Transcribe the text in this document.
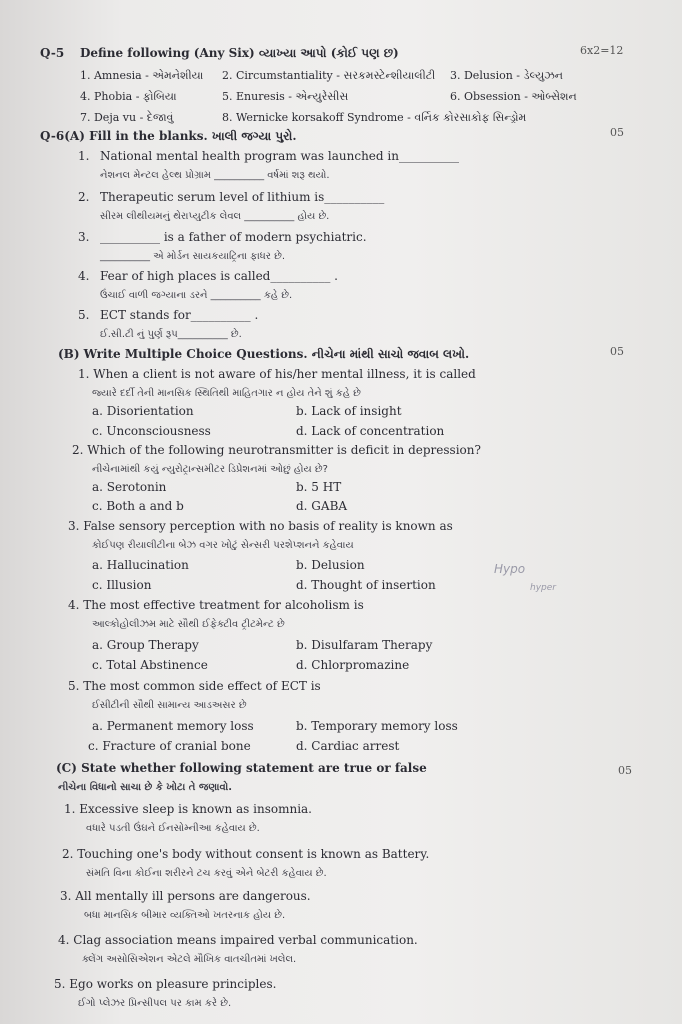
Q-5 Define following (Any Six) વ્યાખ્યા આપો (કોઈ પણ છ)	6x2=12
1. Amnesia - એમનેશીયા 2. Circumstantiality - સરકમસ્ટેન્શીયાલીટી 3. Delusion - ડેલ્યુઝન
4. Phobia - ફોબિયા	5. Enuresis - એન્યુરેસીસ	6. Obsession - ઓબ્સેશન
7. Deja vu - દેજાવું	8. Wernicke korsakoff Syndrome - વર્નિક કોરસાકોફ સિન્ડ્રોમ
Q-6(A) Fill in the blanks. ખાલી જગ્યા પુરો.	05
1. National mental health program was launched in__________
નેશનલ મેન્ટલ હેલ્થ પ્રોગ્રામ __________ વર્ષમાં શરૂ થયો.
2. Therapeutic serum level of lithium is__________
સીરમ લીથીયમનું થેરાપ્યુટીક લેવલ __________ હોય છે.
3. __________ is a father of modern psychiatric.
__________ એ મોર્ડન સાયકયાટ્રિના ફાધર છે.
4. Fear of high places is called__________ .
ઉંચાઈ વાળી જગ્યાના ડરને __________ કહે છે.
5. ECT stands for__________ .
ઈ.સી.ટી નું પુર્ણ રૂપ__________ છે.
(B) Write Multiple Choice Questions. નીચેના માંથી સાચો જવાબ લખો.	05
1. When a client is not aware of his/her mental illness, it is called
જ્યારે દર્દી તેની માનસિક સ્થિતિથી માહિતગાર ન હોય તેને શું કહે છે
a. Disorientation	b. Lack of insight
c. Unconsciousness	d. Lack of concentration
2. Which of the following neurotransmitter is deficit in depression?
નીચેનામાંથી કયું ન્યુરોટ્રાન્સમીટર ડિપ્રેશનમાં ઓછું હોય છે?
a. Serotonin	b. 5 HT
c. Both a and b	d. GABA
3. False sensory perception with no basis of reality is known as
કોઈપણ રીયાલીટીના બેઝ વગર ખોટું સેન્સરી પરશેપ્શનને કહેવાય
a. Hallucination	b. Delusion
c. Illusion	d. Thought of insertion
4. The most effective treatment for alcoholism is
આલ્કોહોલીઝમ માટે સૌથી ઈફેક્ટીવ ટ્રીટમેન્ટ છે
a. Group Therapy	b. Disulfaram Therapy
c. Total Abstinence	d. Chlorpromazine
5. The most common side effect of ECT is
ઈસીટીની સૌથી સામાન્ય આડઅસર છે
a. Permanent memory loss	b. Temporary memory loss
c. Fracture of cranial bone	d. Cardiac arrest
(C) State whether following statement are true or false	05
નીચેના વિધાનો સાચા છે કે ખોટા તે જણાવો.
1. Excessive sleep is known as insomnia.
વધારે પડતી ઉંઘને ઈનસોમ્નીઆ કહેવાય છે.
2. Touching one's body without consent is known as Battery.
સંમતિ વિના કોઈના શરીરને ટચ કરવું એને બેટરી કહેવાય છે.
3. All mentally ill persons are dangerous.
બધા માનસિક બીમાર વ્યક્તિઓ ખતરનાક હોય છે.
4. Clag association means impaired verbal communication.
ક્લેંગ અસોસિએશન એટલે મૌખિક વાતચીતમાં ખલેલ.
5. Ego works on pleasure principles.
ઈગો પ્લેઝર પ્રિન્સીપલ પર કામ કરે છે.
Hypo
hyper
